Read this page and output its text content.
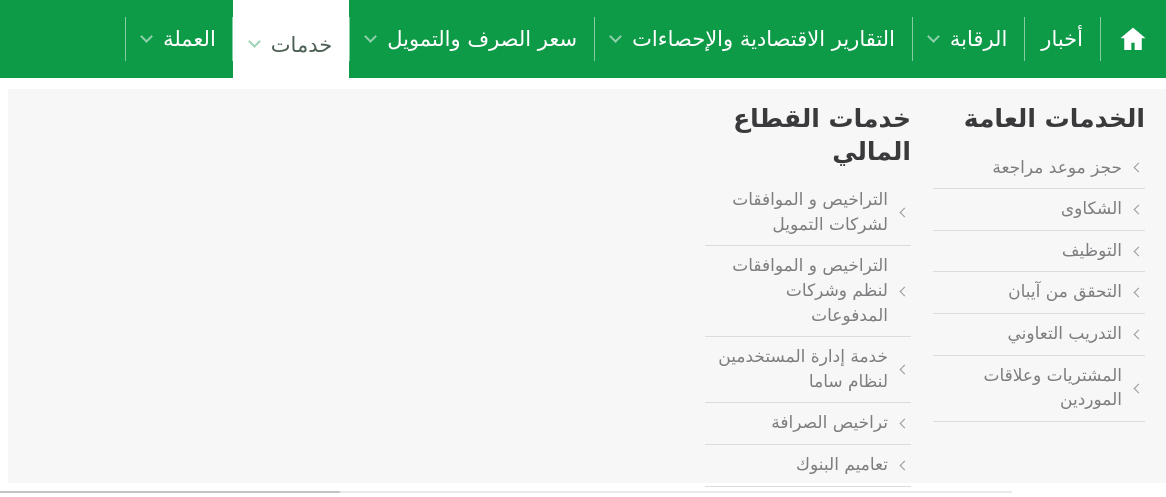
أخبار
الرقابة
التقارير الاقتصادية والإحصاءات
سعر الصرف والتمويل
خدمات
العملة
الخدمات العامة
حجز موعد مراجعة
الشكاوى
التوظيف
التحقق من آيبان
التدريب التعاوني
المشتريات وعلاقات الموردين
خدمات القطاع المالي
التراخيص و الموافقات لشركات التمويل
التراخيص و الموافقات لنظم وشركات المدفوعات
خدمة إدارة المستخدمين لنظام ساما
تراخيص الصرافة
تعاميم البنوك
